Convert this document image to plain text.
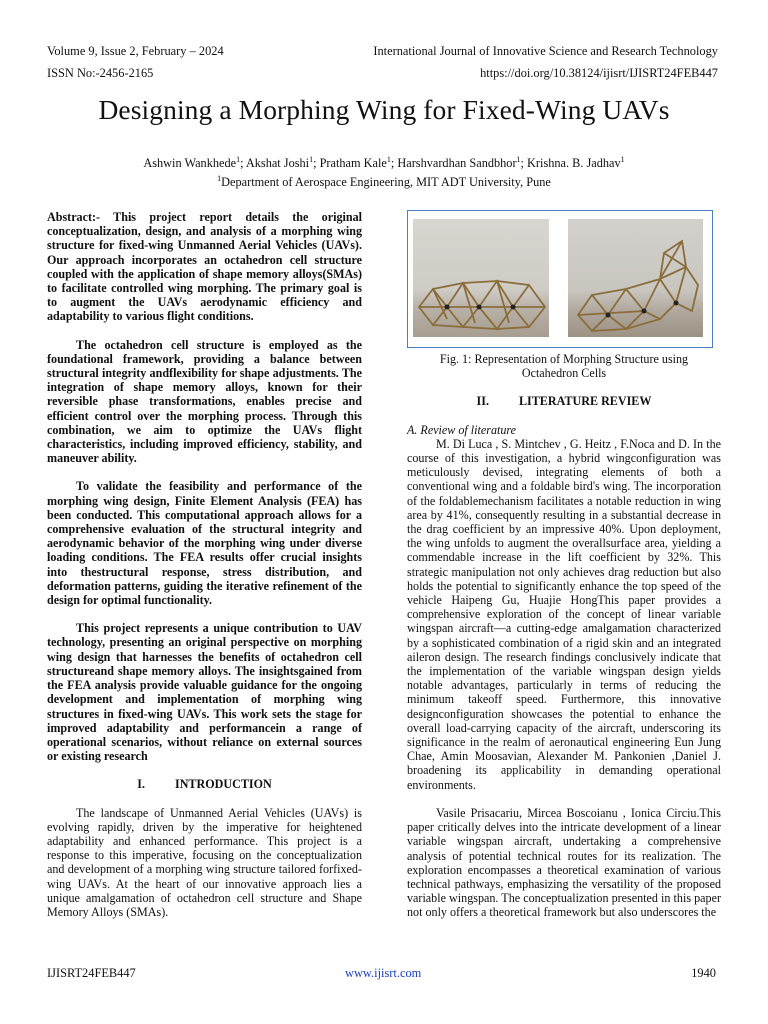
Volume 9, Issue 2, February – 2024	International Journal of Innovative Science and Research Technology
ISSN No:-2456-2165	https://doi.org/10.38124/ijisrt/IJISRT24FEB447
Designing a Morphing Wing for Fixed-Wing UAVs
Ashwin Wankhede$^1$; Akshat Joshi$^1$; Pratham Kale$^1$; Harshvardhan Sandbhor$^1$; Krishna. B. Jadhav$^1$
$^1$Department of Aerospace Engineering, MIT ADT University, Pune

Abstract:- This project report details the original conceptualization, design, and analysis of a morphing wing structure for fixed-wing Unmanned Aerial Vehicles (UAVs). Our approach incorporates an octahedron cell structure coupled with the application of shape memory alloys(SMAs) to facilitate controlled wing morphing. The primary goal is to augment the UAVs aerodynamic efficiency and adaptability to various flight conditions.

The octahedron cell structure is employed as the foundational framework, providing a balance between structural integrity andflexibility for shape adjustments. The integration of shape memory alloys, known for their reversible phase transformations, enables precise and efficient control over the morphing process. Through this combination, we aim to optimize the UAVs flight characteristics, including improved efficiency, stability, and maneuver ability.

To validate the feasibility and performance of the morphing wing design, Finite Element Analysis (FEA) has been conducted. This computational approach allows for a comprehensive evaluation of the structural integrity and aerodynamic behavior of the morphing wing under diverse loading conditions. The FEA results offer crucial insights into thestructural response, stress distribution, and deformation patterns, guiding the iterative refinement of the design for optimal functionality.

This project represents a unique contribution to UAV technology, presenting an original perspective on morphing wing design that harnesses the benefits of octahedron cell structureand shape memory alloys. The insightsgained from the FEA analysis provide valuable guidance for the ongoing development and implementation of morphing wing structures in fixed-wing UAVs. This work sets the stage for improved adaptability and performancein a range of operational scenarios, without reliance on external sources or existing research

I. INTRODUCTION

The landscape of Unmanned Aerial Vehicles (UAVs) is evolving rapidly, driven by the imperative for heightened adaptability and enhanced performance. This project is a response to this imperative, focusing on the conceptualization and development of a morphing wing structure tailored forfixed-wing UAVs. At the heart of our innovative approach lies a unique amalgamation of octahedron cell structure and Shape Memory Alloys (SMAs).

Fig. 1: Representation of Morphing Structure using
Octahedron Cells

II. LITERATURE REVIEW

A. Review of literature

M. Di Luca , S. Mintchev , G. Heitz , F.Noca and D. In the course of this investigation, a hybrid wingconfiguration was meticulously devised, integrating elements of both a conventional wing and a foldable bird's wing. The incorporation of the foldablemechanism facilitates a notable reduction in wing area by 41%, consequently resulting in a substantial decrease in the drag coefficient by an impressive 40%. Upon deployment, the wing unfolds to augment the overallsurface area, yielding a commendable increase in the lift coefficient by 32%. This strategic manipulation not only achieves drag reduction but also holds the potential to significantly enhance the top speed of the vehicle Haipeng Gu, Huajie HongThis paper provides a comprehensive exploration of the concept of linear variable wingspan aircraft—a cutting-edge amalgamation characterized by a sophisticated combination of a rigid skin and an integrated aileron design. The research findings conclusively indicate that the implementation of the variable wingspan design yields notable advantages, particularly in terms of reducing the minimum takeoff speed. Furthermore, this innovative designconfiguration showcases the potential to enhance the overall load-carrying capacity of the aircraft, underscoring its significance in the realm of aeronautical engineering Eun Jung Chae, Amin Moosavian, Alexander M. Pankonien ,Daniel J. broadening its applicability in demanding operational environments.

Vasile Prisacariu, Mircea Boscoianu , Ionica Circiu.This paper critically delves into the intricate development of a linear variable wingspan aircraft, undertaking a comprehensive analysis of potential technical routes for its realization. The exploration encompasses a theoretical examination of various technical pathways, emphasizing the versatility of the proposed variable wingspan. The conceptualization presented in this paper not only offers a theoretical framework but also underscores the

IJISRT24FEB447	www.ijisrt.com	1940
